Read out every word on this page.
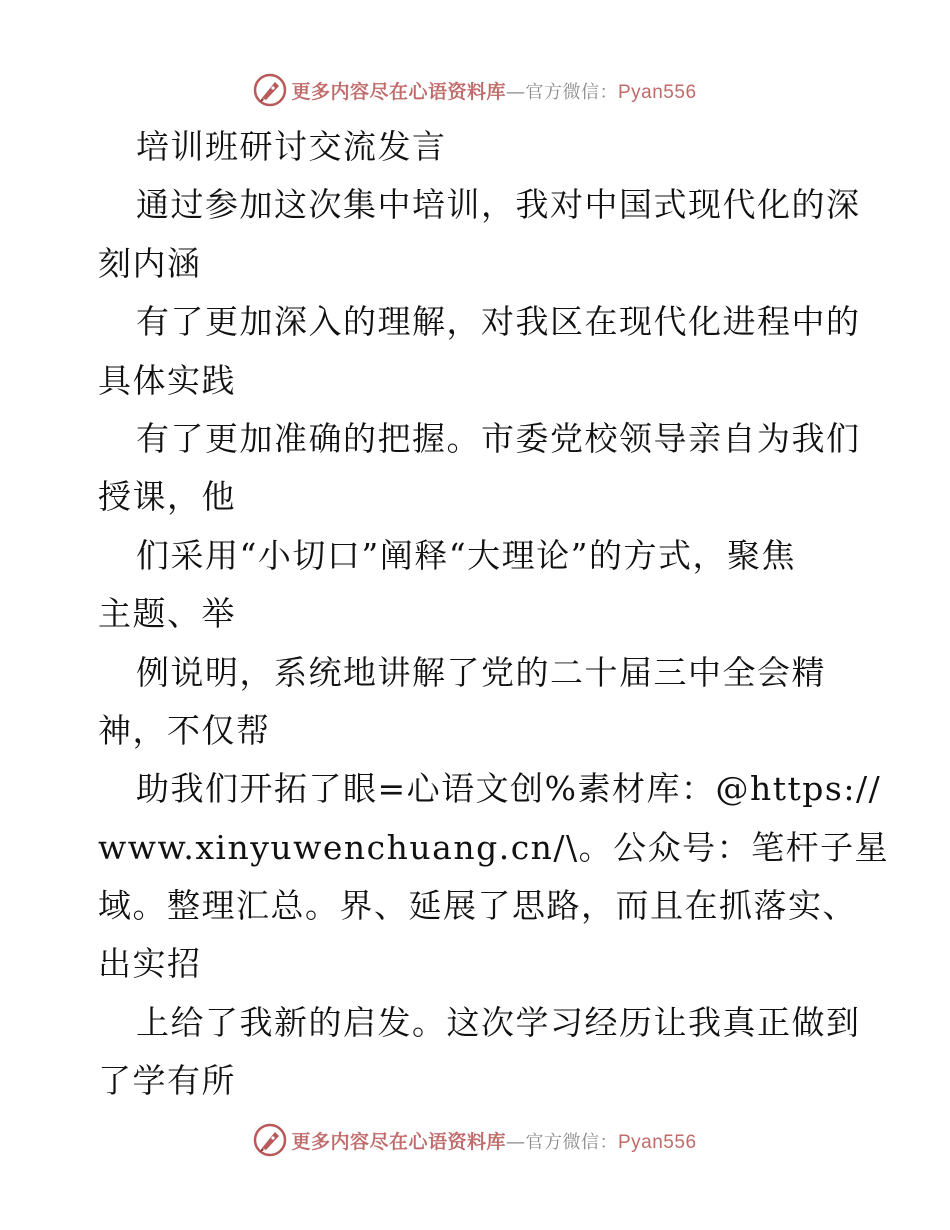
更多内容尽在心语资料库—官方微信：Pyan556
培训班研讨交流发言
通过参加这次集中培训，我对中国式现代化的深
刻内涵
有了更加深入的理解，对我区在现代化进程中的
具体实践
有了更加准确的把握。市委党校领导亲自为我们
授课，他
们采用“小切口”阐释“大理论”的方式，聚焦
主题、举
例说明，系统地讲解了党的二十届三中全会精
神，不仅帮
助我们开拓了眼=心语文创%素材库：@https://
www.xinyuwenchuang.cn/\。公众号：笔杆子星
域。整理汇总。界、延展了思路，而且在抓落实、
出实招
上给了我新的启发。这次学习经历让我真正做到
了学有所
更多内容尽在心语资料库—官方微信：Pyan556
